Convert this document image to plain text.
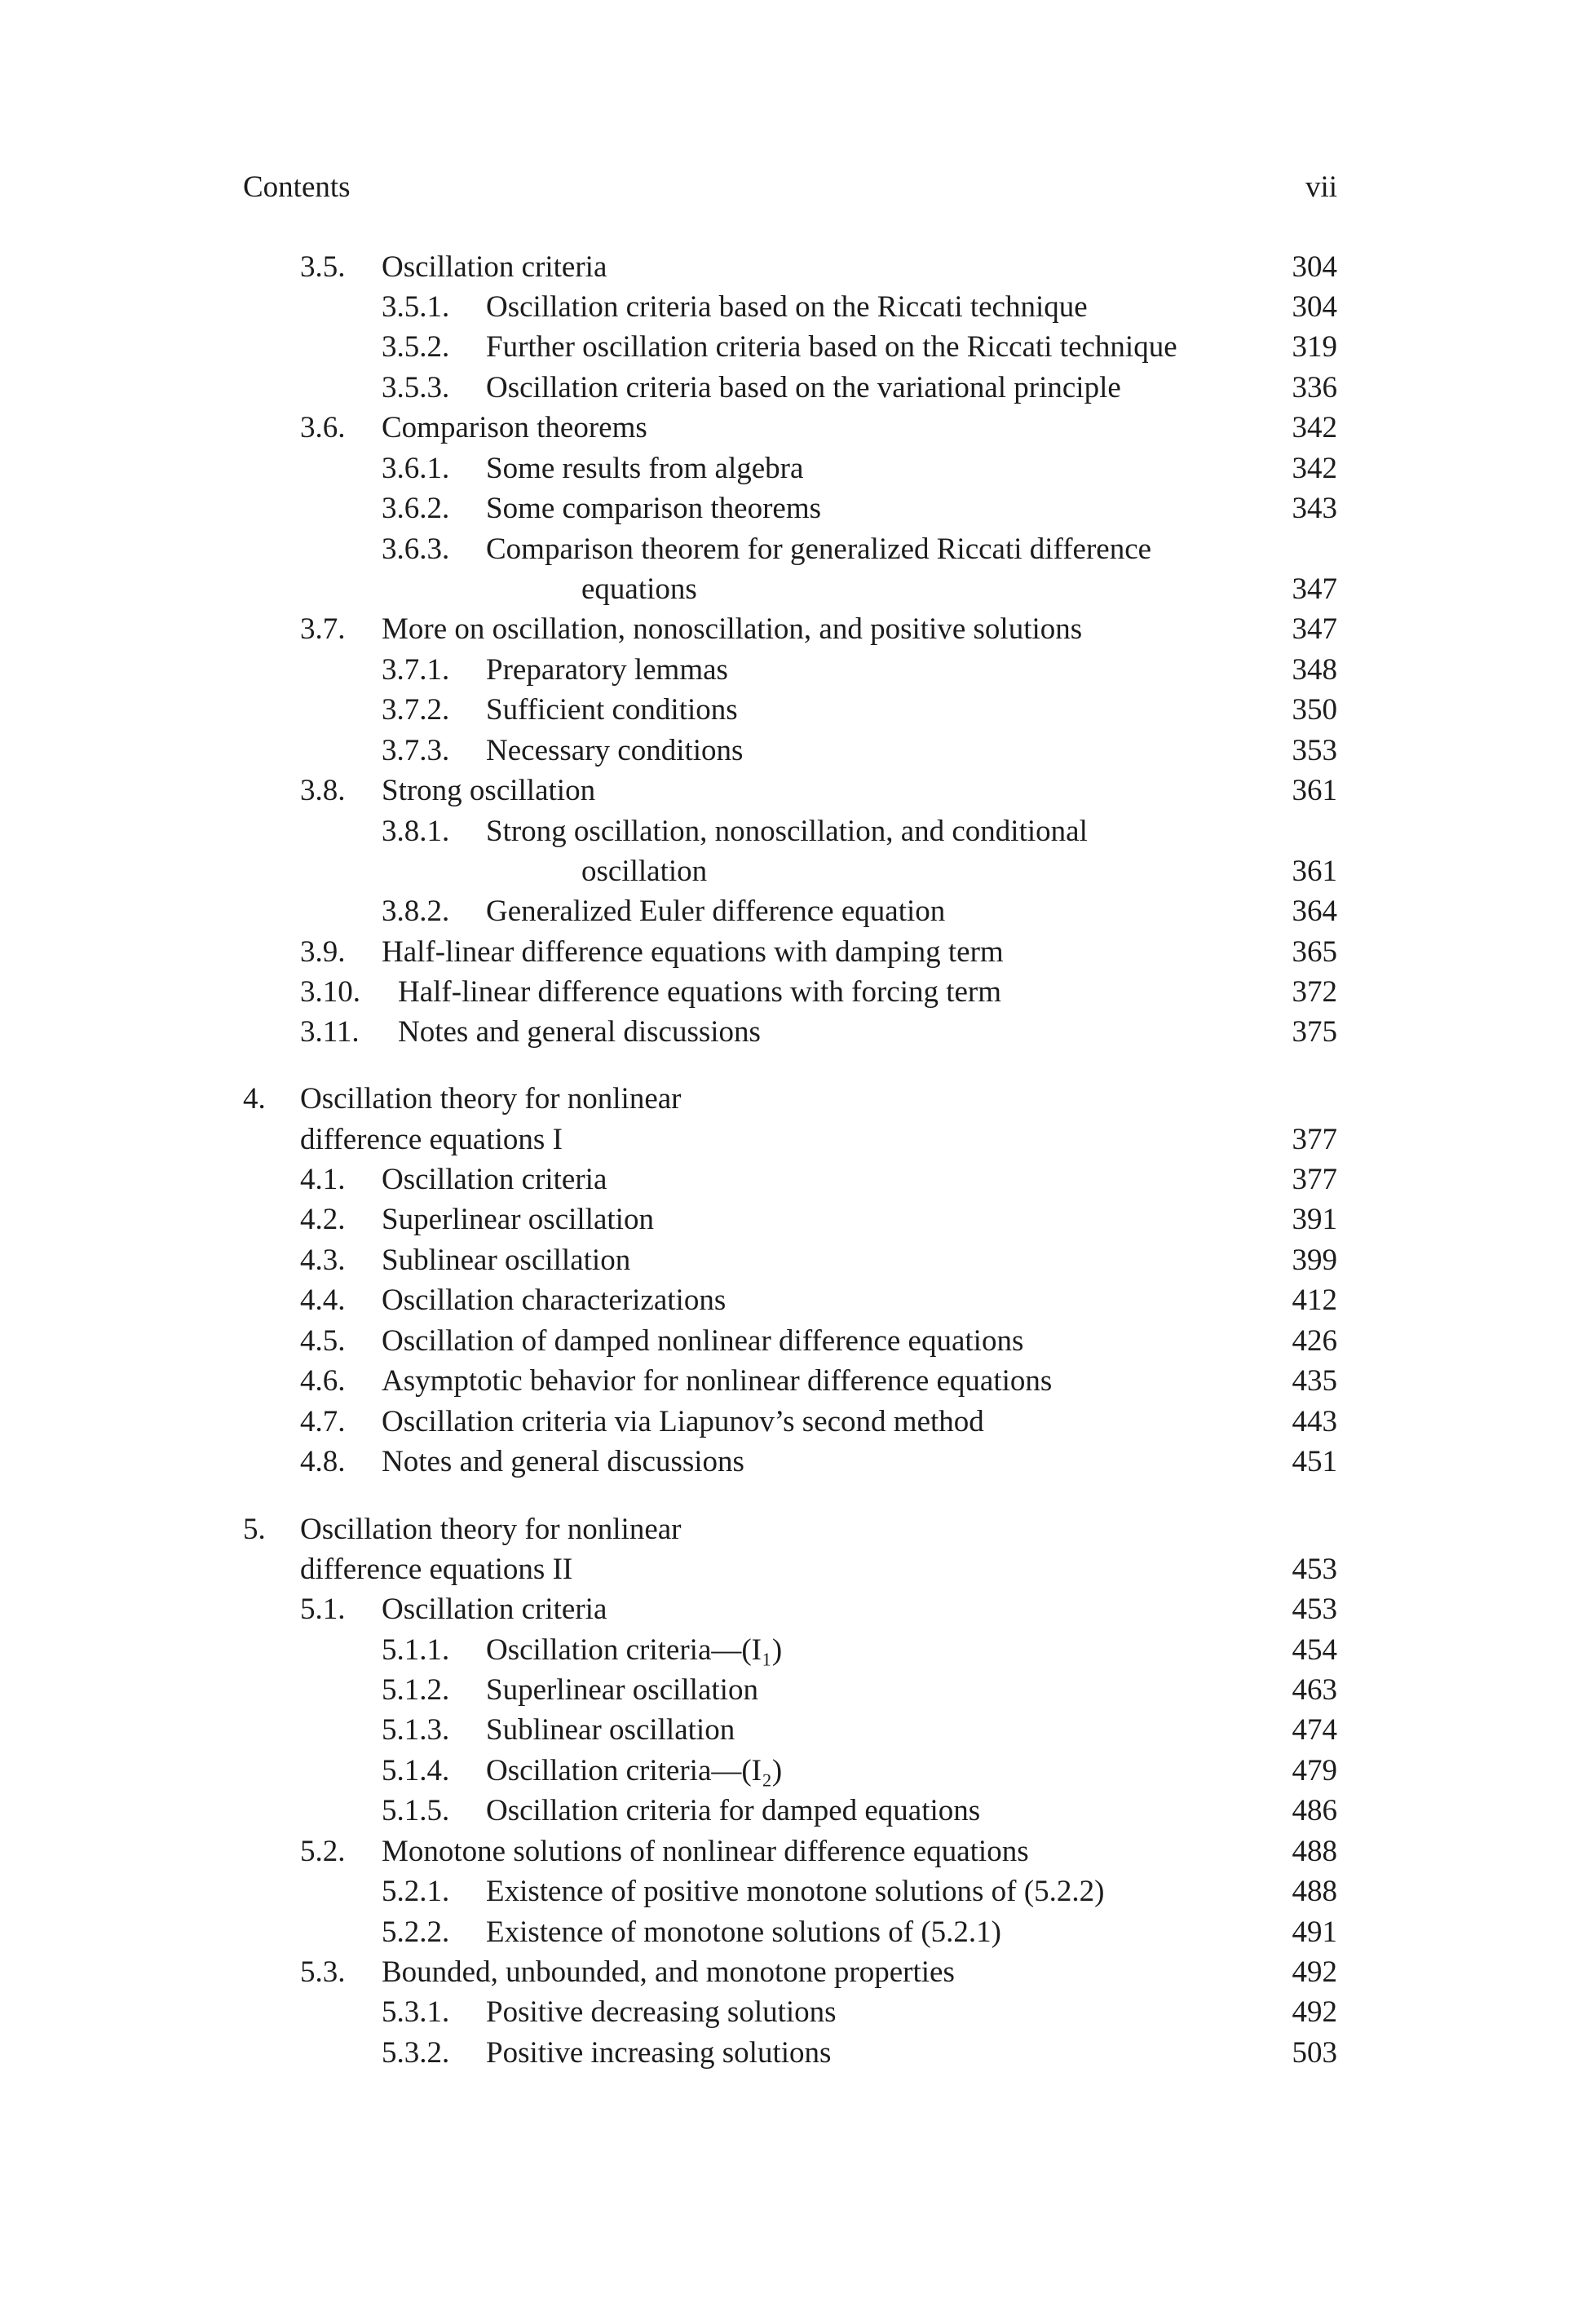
Contents	vii
3.5. Oscillation criteria	304
3.5.1. Oscillation criteria based on the Riccati technique	304
3.5.2. Further oscillation criteria based on the Riccati technique	319
3.5.3. Oscillation criteria based on the variational principle	336
3.6. Comparison theorems	342
3.6.1. Some results from algebra	342
3.6.2. Some comparison theorems	343
3.6.3. Comparison theorem for generalized Riccati difference
equations	347
3.7. More on oscillation, nonoscillation, and positive solutions	347
3.7.1. Preparatory lemmas	348
3.7.2. Sufficient conditions	350
3.7.3. Necessary conditions	353
3.8. Strong oscillation	361
3.8.1. Strong oscillation, nonoscillation, and conditional
oscillation	361
3.8.2. Generalized Euler difference equation	364
3.9. Half-linear difference equations with damping term	365
3.10. Half-linear difference equations with forcing term	372
3.11. Notes and general discussions	375
4. Oscillation theory for nonlinear
difference equations I	377
4.1. Oscillation criteria	377
4.2. Superlinear oscillation	391
4.3. Sublinear oscillation	399
4.4. Oscillation characterizations	412
4.5. Oscillation of damped nonlinear difference equations	426
4.6. Asymptotic behavior for nonlinear difference equations	435
4.7. Oscillation criteria via Liapunov’s second method	443
4.8. Notes and general discussions	451
5. Oscillation theory for nonlinear
difference equations II	453
5.1. Oscillation criteria	453
5.1.1. Oscillation criteria—(I₁)	454
5.1.2. Superlinear oscillation	463
5.1.3. Sublinear oscillation	474
5.1.4. Oscillation criteria—(I₂)	479
5.1.5. Oscillation criteria for damped equations	486
5.2. Monotone solutions of nonlinear difference equations	488
5.2.1. Existence of positive monotone solutions of (5.2.2)	488
5.2.2. Existence of monotone solutions of (5.2.1)	491
5.3. Bounded, unbounded, and monotone properties	492
5.3.1. Positive decreasing solutions	492
5.3.2. Positive increasing solutions	503
